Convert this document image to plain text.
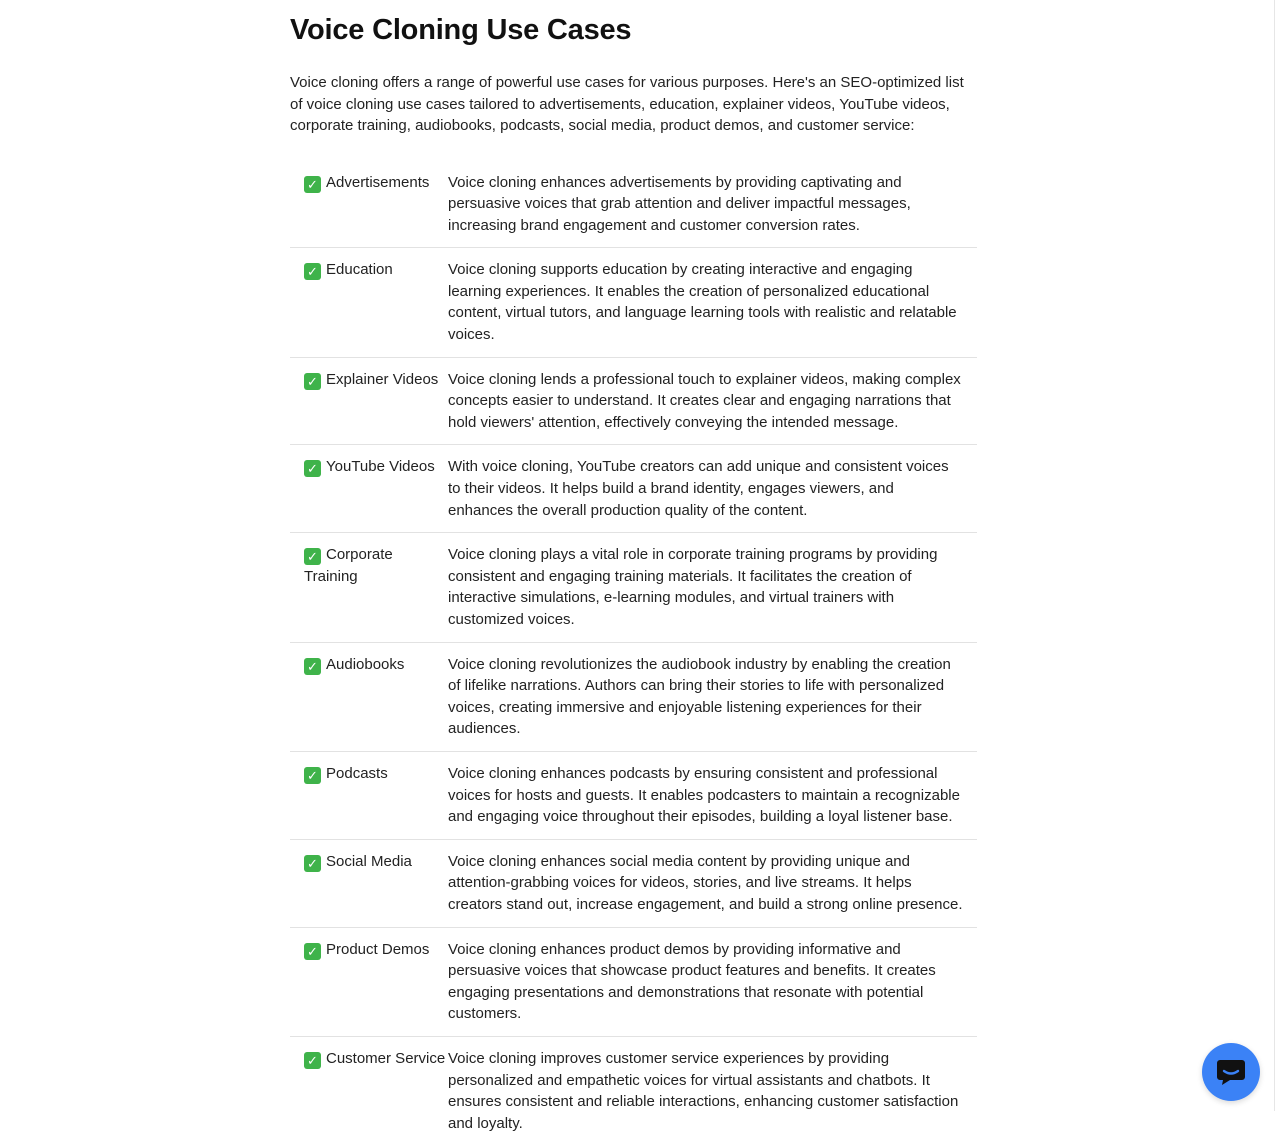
Voice Cloning Use Cases

Voice cloning offers a range of powerful use cases for various purposes. Here's an SEO-optimized list of voice cloning use cases tailored to advertisements, education, explainer videos, YouTube videos, corporate training, audiobooks, podcasts, social media, product demos, and customer service:

✓ Advertisements	Voice cloning enhances advertisements by providing captivating and persuasive voices that grab attention and deliver impactful messages, increasing brand engagement and customer conversion rates.
✓ Education	Voice cloning supports education by creating interactive and engaging learning experiences. It enables the creation of personalized educational content, virtual tutors, and language learning tools with realistic and relatable voices.
✓ Explainer Videos	Voice cloning lends a professional touch to explainer videos, making complex concepts easier to understand. It creates clear and engaging narrations that hold viewers' attention, effectively conveying the intended message.
✓ YouTube Videos	With voice cloning, YouTube creators can add unique and consistent voices to their videos. It helps build a brand identity, engages viewers, and enhances the overall production quality of the content.
✓ Corporate Training	Voice cloning plays a vital role in corporate training programs by providing consistent and engaging training materials. It facilitates the creation of interactive simulations, e-learning modules, and virtual trainers with customized voices.
✓ Audiobooks	Voice cloning revolutionizes the audiobook industry by enabling the creation of lifelike narrations. Authors can bring their stories to life with personalized voices, creating immersive and enjoyable listening experiences for their audiences.
✓ Podcasts	Voice cloning enhances podcasts by ensuring consistent and professional voices for hosts and guests. It enables podcasters to maintain a recognizable and engaging voice throughout their episodes, building a loyal listener base.
✓ Social Media	Voice cloning enhances social media content by providing unique and attention-grabbing voices for videos, stories, and live streams. It helps creators stand out, increase engagement, and build a strong online presence.
✓ Product Demos	Voice cloning enhances product demos by providing informative and persuasive voices that showcase product features and benefits. It creates engaging presentations and demonstrations that resonate with potential customers.
✓ Customer Service	Voice cloning improves customer service experiences by providing personalized and empathetic voices for virtual assistants and chatbots. It ensures consistent and reliable interactions, enhancing customer satisfaction and loyalty.
